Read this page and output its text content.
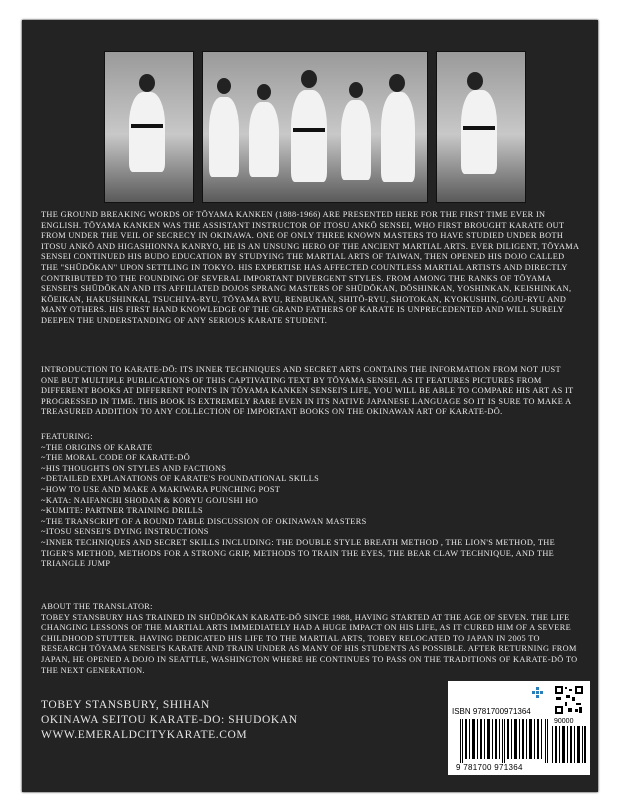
THE GROUND BREAKING WORDS OF TŌYAMA KANKEN (1888-1966) ARE PRESENTED HERE FOR THE FIRST TIME EVER IN ENGLISH. TŌYAMA KANKEN WAS THE ASSISTANT INSTRUCTOR OF ITOSU ANKŌ SENSEI, WHO FIRST BROUGHT KARATE OUT FROM UNDER THE VEIL OF SECRECY IN OKINAWA. ONE OF ONLY THREE KNOWN MASTERS TO HAVE STUDIED UNDER BOTH ITOSU ANKŌ AND HIGASHIONNA KANRYO, HE IS AN UNSUNG HERO OF THE ANCIENT MARTIAL ARTS. EVER DILIGENT, TŌYAMA SENSEI CONTINUED HIS BUDO EDUCATION BY STUDYING THE MARTIAL ARTS OF TAIWAN, THEN OPENED HIS DOJO CALLED THE "SHŪDŌKAN" UPON SETTLING IN TOKYO. HIS EXPERTISE HAS AFFECTED COUNTLESS MARTIAL ARTISTS AND DIRECTLY CONTRIBUTED TO THE FOUNDING OF SEVERAL IMPORTANT DIVERGENT STYLES. FROM AMONG THE RANKS OF TŌYAMA SENSEI'S SHŪDŌKAN AND ITS AFFILIATED DOJOS SPRANG MASTERS OF SHŪDŌKAN, DŌSHINKAN, YOSHINKAN, KEISHINKAN, KŌEIKAN, HAKUSHINKAI, TSUCHIYA-RYU, TŌYAMA RYU, RENBUKAN, SHITŌ-RYU, SHOTOKAN, KYOKUSHIN, GOJU-RYU AND MANY OTHERS. HIS FIRST HAND KNOWLEDGE OF THE GRAND FATHERS OF KARATE IS UNPRECEDENTED AND WILL SURELY DEEPEN THE UNDERSTANDING OF ANY SERIOUS KARATE STUDENT.

INTRODUCTION TO KARATE-DŌ: ITS INNER TECHNIQUES AND SECRET ARTS CONTAINS THE INFORMATION FROM NOT JUST ONE BUT MULTIPLE PUBLICATIONS OF THIS CAPTIVATING TEXT BY TŌYAMA SENSEI. AS IT FEATURES PICTURES FROM DIFFERENT BOOKS AT DIFFERENT POINTS IN TŌYAMA KANKEN SENSEI'S LIFE, YOU WILL BE ABLE TO COMPARE HIS ART AS IT PROGRESSED IN TIME. THIS BOOK IS EXTREMELY RARE EVEN IN ITS NATIVE JAPANESE LANGUAGE SO IT IS SURE TO MAKE A TREASURED ADDITION TO ANY COLLECTION OF IMPORTANT BOOKS ON THE OKINAWAN ART OF KARATE-DŌ.

FEATURING:

~THE ORIGINS OF KARATE
~THE MORAL CODE OF KARATE-DŌ
~HIS THOUGHTS ON STYLES AND FACTIONS
~DETAILED EXPLANATIONS OF KARATE'S FOUNDATIONAL SKILLS
~HOW TO USE AND MAKE A MAKIWARA PUNCHING POST
~KATA: NAIFANCHI SHODAN & KORYU GOJUSHI HO
~KUMITE: PARTNER TRAINING DRILLS
~THE TRANSCRIPT OF A ROUND TABLE DISCUSSION OF OKINAWAN MASTERS
~ITOSU SENSEI'S DYING INSTRUCTIONS
~INNER TECHNIQUES AND SECRET SKILLS INCLUDING: THE DOUBLE STYLE BREATH METHOD , THE LION'S METHOD, THE TIGER'S METHOD, METHODS FOR A STRONG GRIP, METHODS TO TRAIN THE EYES, THE BEAR CLAW TECHNIQUE, AND THE TRIANGLE JUMP

ABOUT THE TRANSLATOR:

TOBEY STANSBURY HAS TRAINED IN SHŪDŌKAN KARATE-DŌ SINCE 1988, HAVING STARTED AT THE AGE OF SEVEN. THE LIFE CHANGING LESSONS OF THE MARTIAL ARTS IMMEDIATELY HAD A HUGE IMPACT ON HIS LIFE, AS IT CURED HIM OF A SEVERE CHILDHOOD STUTTER. HAVING DEDICATED HIS LIFE TO THE MARTIAL ARTS, TOBEY RELOCATED TO JAPAN IN 2005 TO RESEARCH TŌYAMA SENSEI'S KARATE AND TRAIN UNDER AS MANY OF HIS STUDENTS AS POSSIBLE. AFTER RETURNING FROM JAPAN, HE OPENED A DOJO IN SEATTLE, WASHINGTON WHERE HE CONTINUES TO PASS ON THE TRADITIONS OF KARATE-DŌ TO THE NEXT GENERATION.

TOBEY STANSBURY, SHIHAN
OKINAWA SEITOU KARATE-DO: SHUDOKAN
WWW.EMERALDCITYKARATE.COM
ISBN 9781700971364
90000
9 781700 971364
